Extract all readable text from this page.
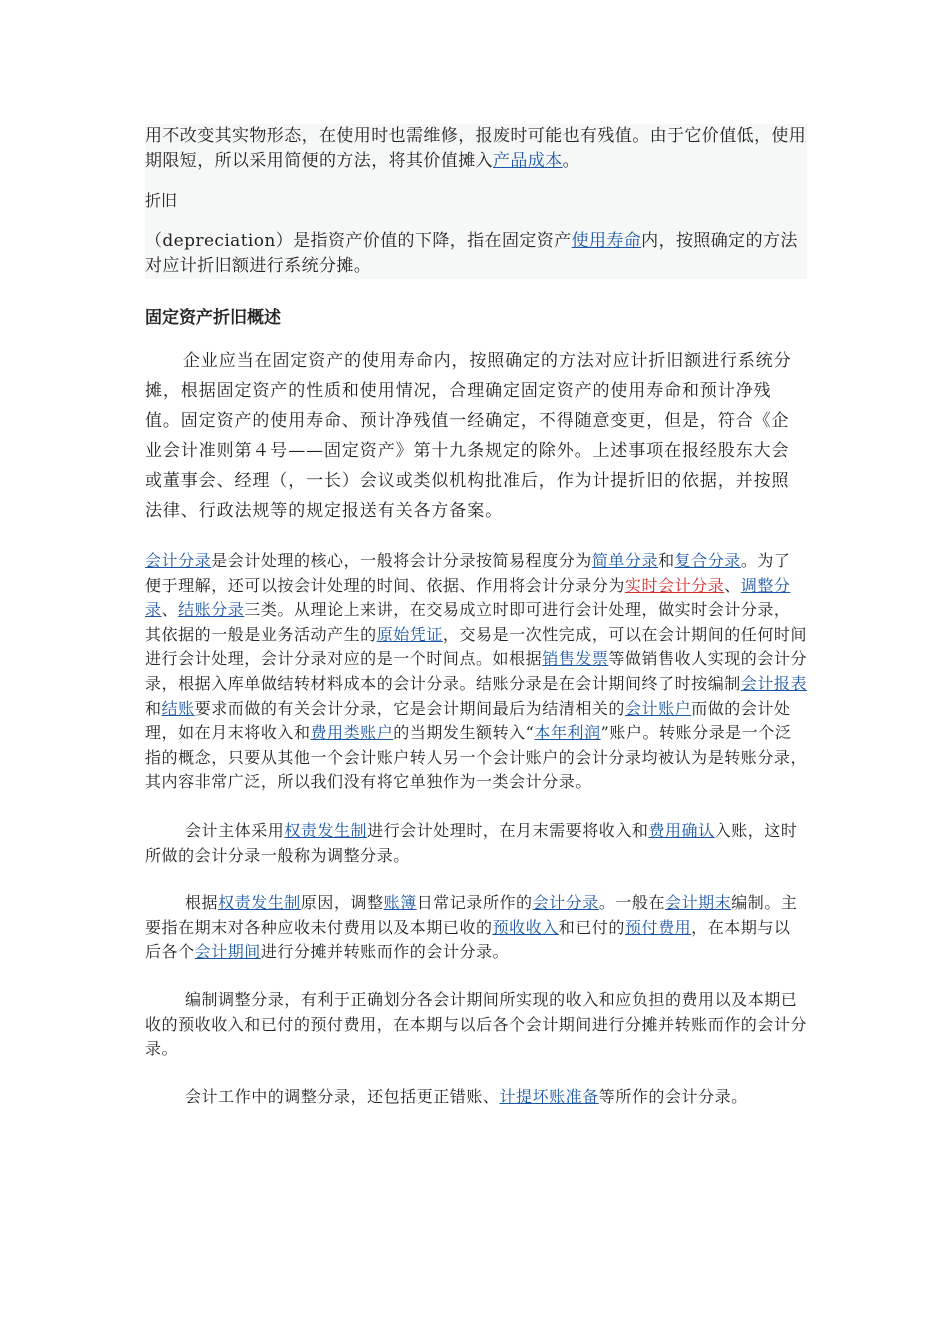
用不改变其实物形态，在使用时也需维修，报废时可能也有残值。由于它价值低，使用期限短，所以采用简便的方法，将其价值摊入产品成本。

折旧

（depreciation）是指资产价值的下降，指在固定资产使用寿命内，按照确定的方法对应计折旧额进行系统分摊。

固定资产折旧概述

企业应当在固定资产的使用寿命内，按照确定的方法对应计折旧额进行系统分摊，根据固定资产的性质和使用情况，合理确定固定资产的使用寿命和预计净残值。固定资产的使用寿命、预计净残值一经确定，不得随意变更，但是，符合《企业会计准则第４号——固定资产》第十九条规定的除外。上述事项在报经股东大会或董事会、经理（，一长）会议或类似机构批准后，作为计提折旧的依据，并按照法律、行政法规等的规定报送有关各方备案。

会计分录是会计处理的核心，一般将会计分录按简易程度分为简单分录和复合分录。为了便于理解，还可以按会计处理的时间、依据、作用将会计分录分为实时会计分录、调整分录、结账分录三类。从理论上来讲，在交易成立时即可进行会计处理，做实时会计分录，其依据的一般是业务活动产生的原始凭证，交易是一次性完成，可以在会计期间的任何时间进行会计处理，会计分录对应的是一个时间点。如根据销售发票等做销售收人实现的会计分录，根据入库单做结转材料成本的会计分录。结账分录是在会计期间终了时按编制会计报表和结账要求而做的有关会计分录，它是会计期间最后为结清相关的会计账户而做的会计处理，如在月末将收入和费用类账户的当期发生额转入“本年利润”账户。转账分录是一个泛指的概念，只要从其他一个会计账户转人另一个会计账户的会计分录均被认为是转账分录，其内容非常广泛，所以我们没有将它单独作为一类会计分录。

会计主体采用权责发生制进行会计处理时，在月末需要将收入和费用确认入账，这时所做的会计分录一般称为调整分录。

根据权责发生制原因，调整账簿日常记录所作的会计分录。一般在会计期末编制。主要指在期末对各种应收未付费用以及本期已收的预收收入和已付的预付费用，在本期与以后各个会计期间进行分摊并转账而作的会计分录。

编制调整分录，有利于正确划分各会计期间所实现的收入和应负担的费用以及本期已收的预收收入和已付的预付费用，在本期与以后各个会计期间进行分摊并转账而作的会计分录。

会计工作中的调整分录，还包括更正错账、计提坏账准备等所作的会计分录。
